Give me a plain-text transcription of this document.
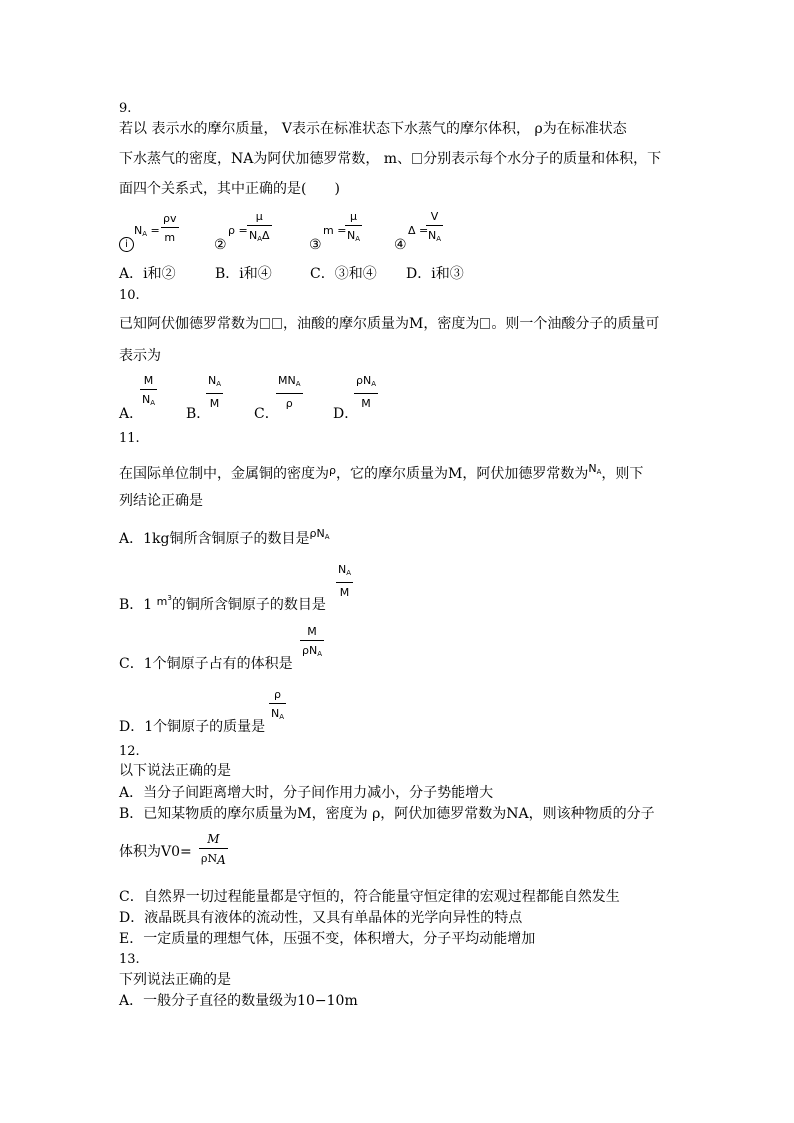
9.
若以 表示水的摩尔质量， V表示在标准状态下水蒸气的摩尔体积， ρ为在标准状态
下水蒸气的密度，NA为阿伏加德罗常数， m、 分别表示每个水分子的质量和体积，下
面四个关系式，其中正确的是(　　)
ⅰ
$N_A$ =
ρv
m	②
ρ =
μ
$N_A\Delta$
③
m =
μ
$N_A$ ④
Δ =
V
$N_A$
A．ⅰ和②	B．ⅰ和④	C．③和④ D．ⅰ和③
10.
已知阿伏伽德罗常数为 ，油酸的摩尔质量为M，密度为 。则一个油酸分子的质量可
表示为
A．
M
$N_A$
B．
$N_A$
M
C．
$MN_A$
ρ
D．
$\rho N_A$
M
11.
在国际单位制中，金属铜的密度为$^\rho$，它的摩尔质量为M，阿伏加德罗常数为$^{N_A}$，则下
列结论正确是
A．1kg铜所含铜原子的数目是$^{\rho N_A}$
B．1 $^{m^3}$的铜所含铜原子的数目是
$N_A$
M
C．1个铜原子占有的体积是
M
$\rho N_A$
D．1个铜原子的质量是
ρ
$N_A$
12.
以下说法正确的是
A．当分子间距离增大时，分子间作用力减小，分子势能增大
B．已知某物质的摩尔质量为M，密度为 ρ，阿伏加德罗常数为NA，则该种物质的分子
体积为V0=
M
$\rho N_A$
C．自然界一切过程能量都是守恒的，符合能量守恒定律的宏观过程都能自然发生
D．液晶既具有液体的流动性，又具有单晶体的光学向异性的特点
E．一定质量的理想气体，压强不变，体积增大，分子平均动能增加
13.
下列说法正确的是
A．一般分子直径的数量级为10−10m
